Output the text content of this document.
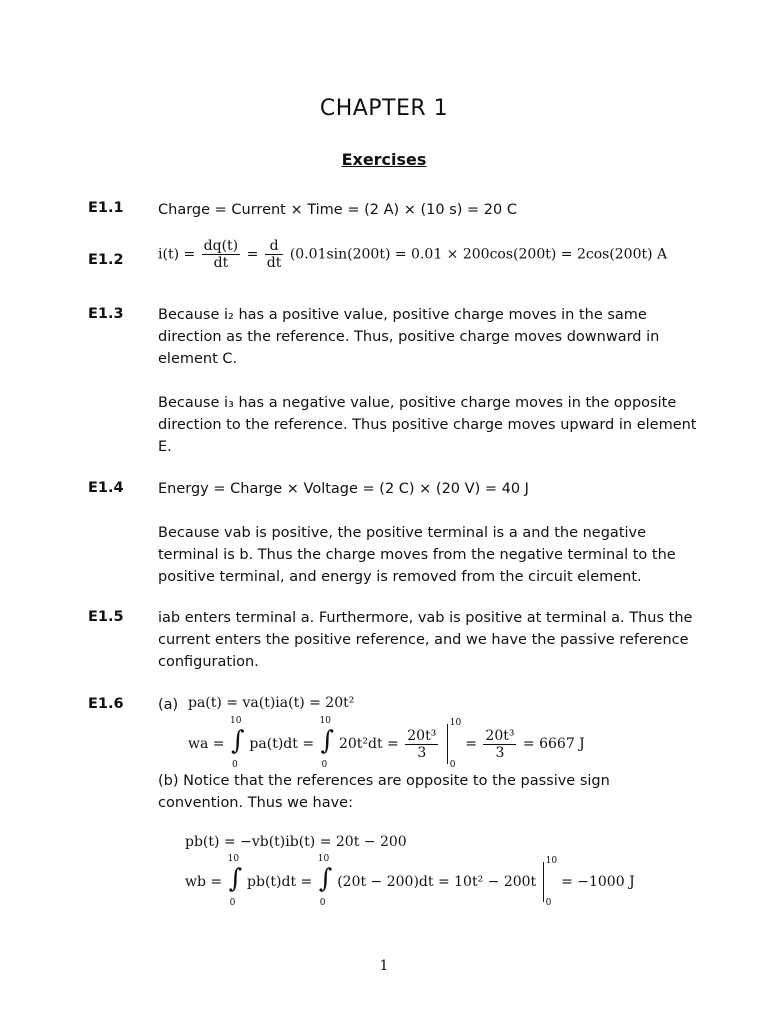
CHAPTER 1
Exercises
E1.1 Charge = Current × Time = (2 A) × (10 s) = 20 C
E1.2 $i(t) = \frac{dq(t)}{dt} = \frac{d}{dt} (0.01\sin(200t) = 0.01 \times 200\cos(200t) = 2\cos(200t)$ A
E1.3 Because i₂ has a positive value, positive charge moves in the same direction as the reference. Thus, positive charge moves downward in element C.

Because i₃ has a negative value, positive charge moves in the opposite direction to the reference. Thus positive charge moves upward in element E.

E1.4 Energy = Charge × Voltage = (2 C) × (20 V) = 40 J

Because vab is positive, the positive terminal is a and the negative terminal is b. Thus the charge moves from the negative terminal to the positive terminal, and energy is removed from the circuit element.

E1.5 iab enters terminal a. Furthermore, vab is positive at terminal a. Thus the current enters the positive reference, and we have the passive reference configuration.

E1.6 (a) pa(t) = va(t)ia(t) = 20t²
wa =
10
∫
0
pa(t)dt =
10
∫
0
$20t^2dt = \frac{\text{20t³}}{3}$

10
0
= $\frac{\text{20t³}}{3} = 6667$ J
(b) Notice that the references are opposite to the passive sign convention. Thus we have:
pb(t) = −vb(t)ib(t) = 20t − 200
wb =
10
∫
0
pb(t)dt =
10
∫
0
(20t − 200)dt = 10t² − 200t
10
0
= −1000 J
1
